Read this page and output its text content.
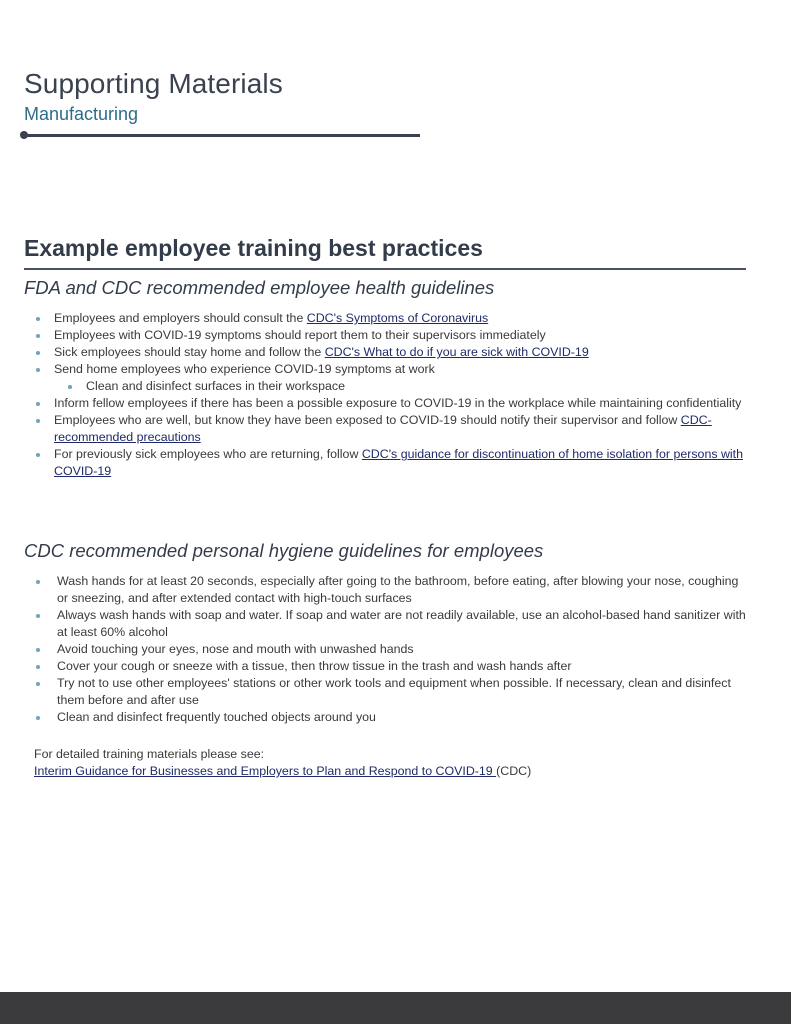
Supporting Materials
Manufacturing
Example employee training best practices
FDA and CDC recommended employee health guidelines
Employees and employers should consult the CDC's Symptoms of Coronavirus
Employees with COVID-19 symptoms should report them to their supervisors immediately
Sick employees should stay home and follow the CDC's What to do if you are sick with COVID-19
Send home employees who experience COVID-19 symptoms at work
Clean and disinfect surfaces in their workspace
Inform fellow employees if there has been a possible exposure to COVID-19 in the workplace while maintaining confidentiality
Employees who are well, but know they have been exposed to COVID-19 should notify their supervisor and follow CDC-recommended precautions
For previously sick employees who are returning, follow CDC's guidance for discontinuation of home isolation for persons with COVID-19
CDC recommended personal hygiene guidelines for employees
Wash hands for at least 20 seconds, especially after going to the bathroom, before eating, after blowing your nose, coughing or sneezing, and after extended contact with high-touch surfaces
Always wash hands with soap and water. If soap and water are not readily available, use an alcohol-based hand sanitizer with at least 60% alcohol
Avoid touching your eyes, nose and mouth with unwashed hands
Cover your cough or sneeze with a tissue, then throw tissue in the trash and wash hands after
Try not to use other employees' stations or other work tools and equipment when possible. If necessary, clean and disinfect them before and after use
Clean and disinfect frequently touched objects around you
For detailed training materials please see:
Interim Guidance for Businesses and Employers to Plan and Respond to COVID-19 (CDC)
